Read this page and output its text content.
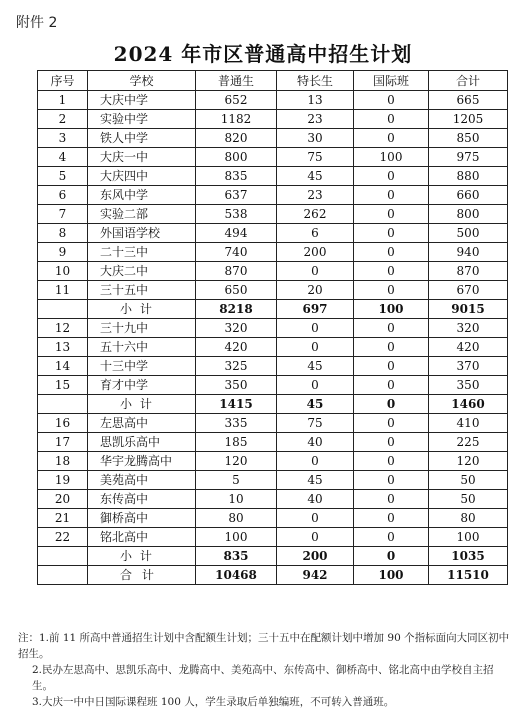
附件 2
2024 年市区普通高中招生计划
序号	学校	普通生	特长生	国际班	合计
1	大庆中学	652	13	0	665
2	实验中学	1182	23	0	1205
3	铁人中学	820	30	0	850
4	大庆一中	800	75	100	975
5	大庆四中	835	45	0	880
6	东风中学	637	23	0	660
7	实验二部	538	262	0	800
8	外国语学校	494	6	0	500
9	二十三中	740	200	0	940
10	大庆二中	870	0	0	870
11	三十五中	650	20	0	670
	小 计	8218	697	100	9015
12	三十九中	320	0	0	320
13	五十六中	420	0	0	420
14	十三中学	325	45	0	370
15	育才中学	350	0	0	350
	小 计	1415	45	0	1460
16	左思高中	335	75	0	410
17	思凯乐高中	185	40	0	225
18	华宇龙腾高中	120	0	0	120
19	美苑高中	5	45	0	50
20	东传高中	10	40	0	50
21	御桥高中	80	0	0	80
22	铭北高中	100	0	0	100
	小 计	835	200	0	1035
	合 计	10468	942	100	11510

注：1.前 11 所高中普通招生计划中含配额生计划；三十五中在配额计划中增加 90 个指标面向大同区初中招生。

2.民办左思高中、思凯乐高中、龙腾高中、美苑高中、东传高中、御桥高中、铭北高中由学校自主招生。

3.大庆一中中日国际课程班 100 人，学生录取后单独编班，不可转入普通班。
